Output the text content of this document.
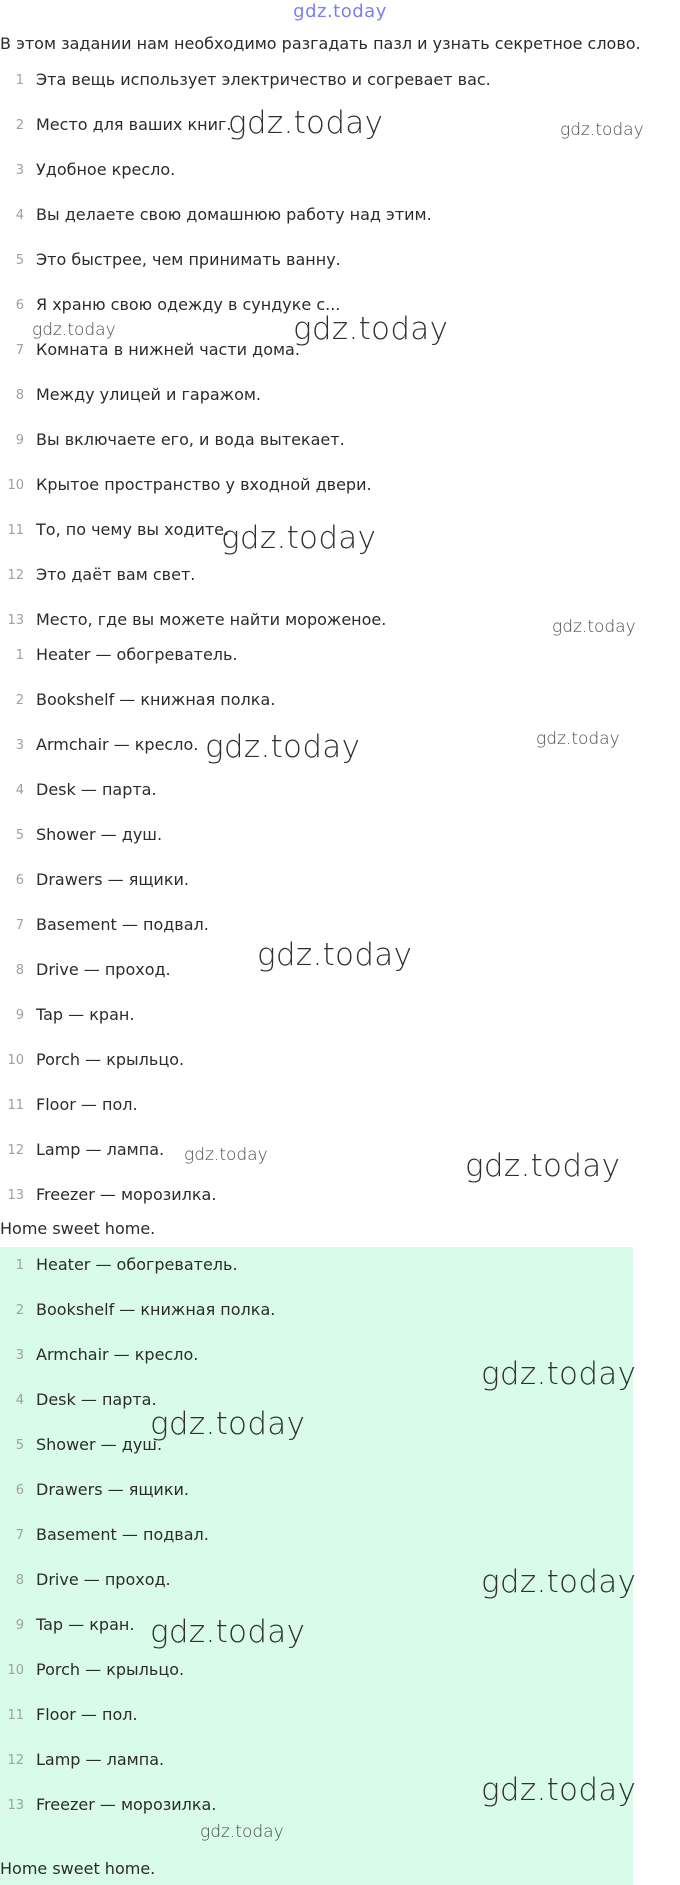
gdz.today

В этом задании нам необходимо разгадать пазл и узнать секретное слово.

1 Эта вещь использует электричество и согревает вас.
2 Место для ваших книг.
3 Удобное кресло.
4 Вы делаете свою домашнюю работу над этим.
5 Это быстрее, чем принимать ванну.
6 Я храню свою одежду в сундуке с...
7 Комната в нижней части дома.
8 Между улицей и гаражом.
9 Вы включаете его, и вода вытекает.
10 Крытое пространство у входной двери.
11 То, по чему вы ходите.
12 Это даёт вам свет.
13 Место, где вы можете найти мороженое.
1 Heater — обогреватель.
2 Bookshelf — книжная полка.
3 Armchair — кресло.
4 Desk — парта.
5 Shower — душ.
6 Drawers — ящики.
7 Basement — подвал.
8 Drive — проход.
9 Tap — кран.
10 Porch — крыльцо.
11 Floor — пол.
12 Lamp — лампа.
13 Freezer — морозилка.
Home sweet home.
1 Heater — обогреватель.
2 Bookshelf — книжная полка.
3 Armchair — кресло.
4 Desk — парта.
5 Shower — душ.
6 Drawers — ящики.
7 Basement — подвал.
8 Drive — проход.
9 Tap — кран.
10 Porch — крыльцо.
11 Floor — пол.
12 Lamp — лампа.
13 Freezer — морозилка.
Home sweet home.
gdz.today	gdz.today
gdz.today	gdz.today
gdz.today
gdz.today
gdz.today	gdz.today
gdz.today
gdz.today	gdz.today
gdz.today
gdz.today
gdz.today
gdz.today
gdz.today
gdz.today
